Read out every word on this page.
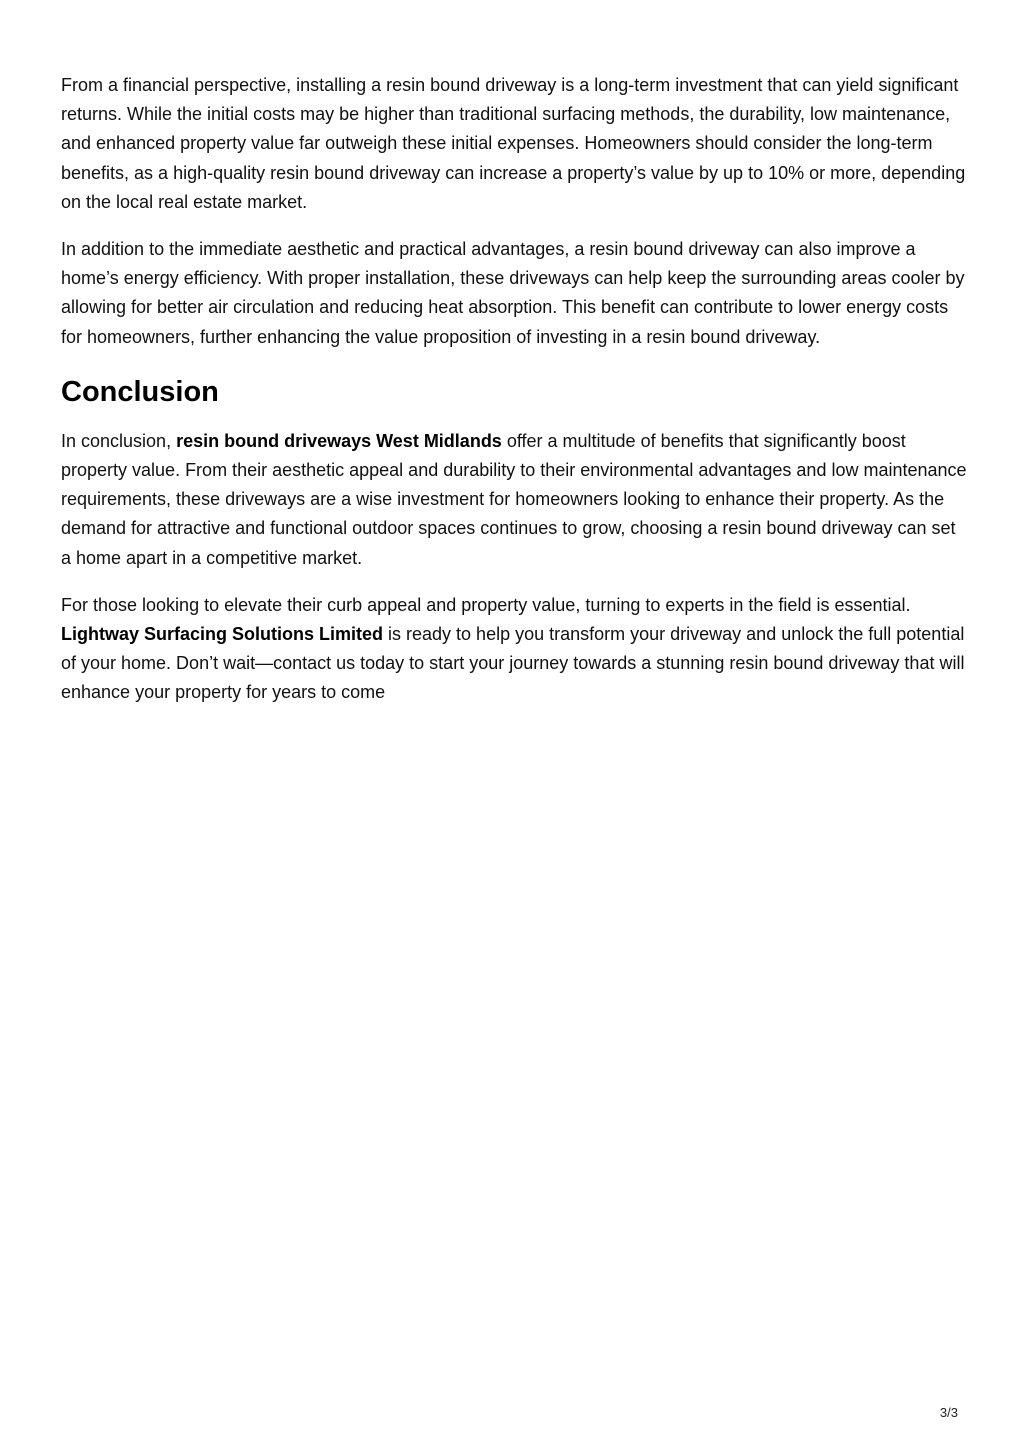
From a financial perspective, installing a resin bound driveway is a long-term investment that can yield significant returns. While the initial costs may be higher than traditional surfacing methods, the durability, low maintenance, and enhanced property value far outweigh these initial expenses. Homeowners should consider the long-term benefits, as a high-quality resin bound driveway can increase a property’s value by up to 10% or more, depending on the local real estate market.

In addition to the immediate aesthetic and practical advantages, a resin bound driveway can also improve a home’s energy efficiency. With proper installation, these driveways can help keep the surrounding areas cooler by allowing for better air circulation and reducing heat absorption. This benefit can contribute to lower energy costs for homeowners, further enhancing the value proposition of investing in a resin bound driveway.

Conclusion

In conclusion, resin bound driveways West Midlands offer a multitude of benefits that significantly boost property value. From their aesthetic appeal and durability to their environmental advantages and low maintenance requirements, these driveways are a wise investment for homeowners looking to enhance their property. As the demand for attractive and functional outdoor spaces continues to grow, choosing a resin bound driveway can set a home apart in a competitive market.

For those looking to elevate their curb appeal and property value, turning to experts in the field is essential. Lightway Surfacing Solutions Limited is ready to help you transform your driveway and unlock the full potential of your home. Don’t wait—contact us today to start your journey towards a stunning resin bound driveway that will enhance your property for years to come

3/3
